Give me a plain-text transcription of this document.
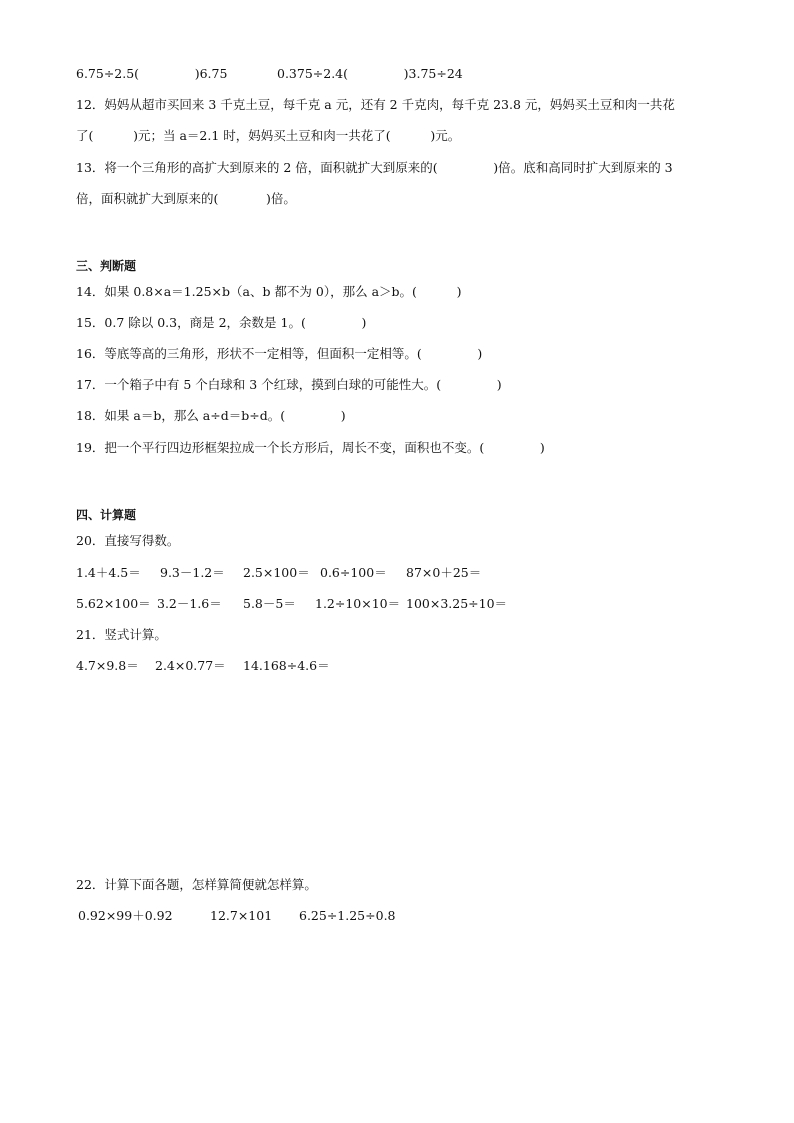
6.75÷2.5(              )6.75	0.375÷2.4(              )3.75÷24
12．妈妈从超市买回来 3 千克土豆，每千克 a 元，还有 2 千克肉，每千克 23.8 元，妈妈买土豆和肉一共花
了(          )元；当 a＝2.1 时，妈妈买土豆和肉一共花了(          )元。
13．将一个三角形的高扩大到原来的 2 倍，面积就扩大到原来的(              )倍。底和高同时扩大到原来的 3
倍，面积就扩大到原来的(            )倍。
三、判断题
14．如果 0.8×a＝1.25×b（a、b 都不为 0），那么 a＞b。(          )
15．0.7 除以 0.3，商是 2，余数是 1。(              )
16．等底等高的三角形，形状不一定相等，但面积一定相等。(              )
17．一个箱子中有 5 个白球和 3 个红球，摸到白球的可能性大。(              )
18．如果 a＝b，那么 a÷d＝b÷d。(              )
19．把一个平行四边形框架拉成一个长方形后，周长不变，面积也不变。(              )
四、计算题
20．直接写得数。
1.4＋4.5＝ 9.3－1.2＝ 2.5×100＝ 0.6÷100＝ 87×0＋25＝
5.62×100＝ 3.2－1.6＝ 5.8－5＝ 1.2÷10×10＝ 100×3.25÷10＝
21．竖式计算。
4.7×9.8＝ 2.4×0.77＝ 14.168÷4.6＝
22．计算下面各题，怎样算简便就怎样算。
0.92×99＋0.92	12.7×101 6.25÷1.25÷0.8
